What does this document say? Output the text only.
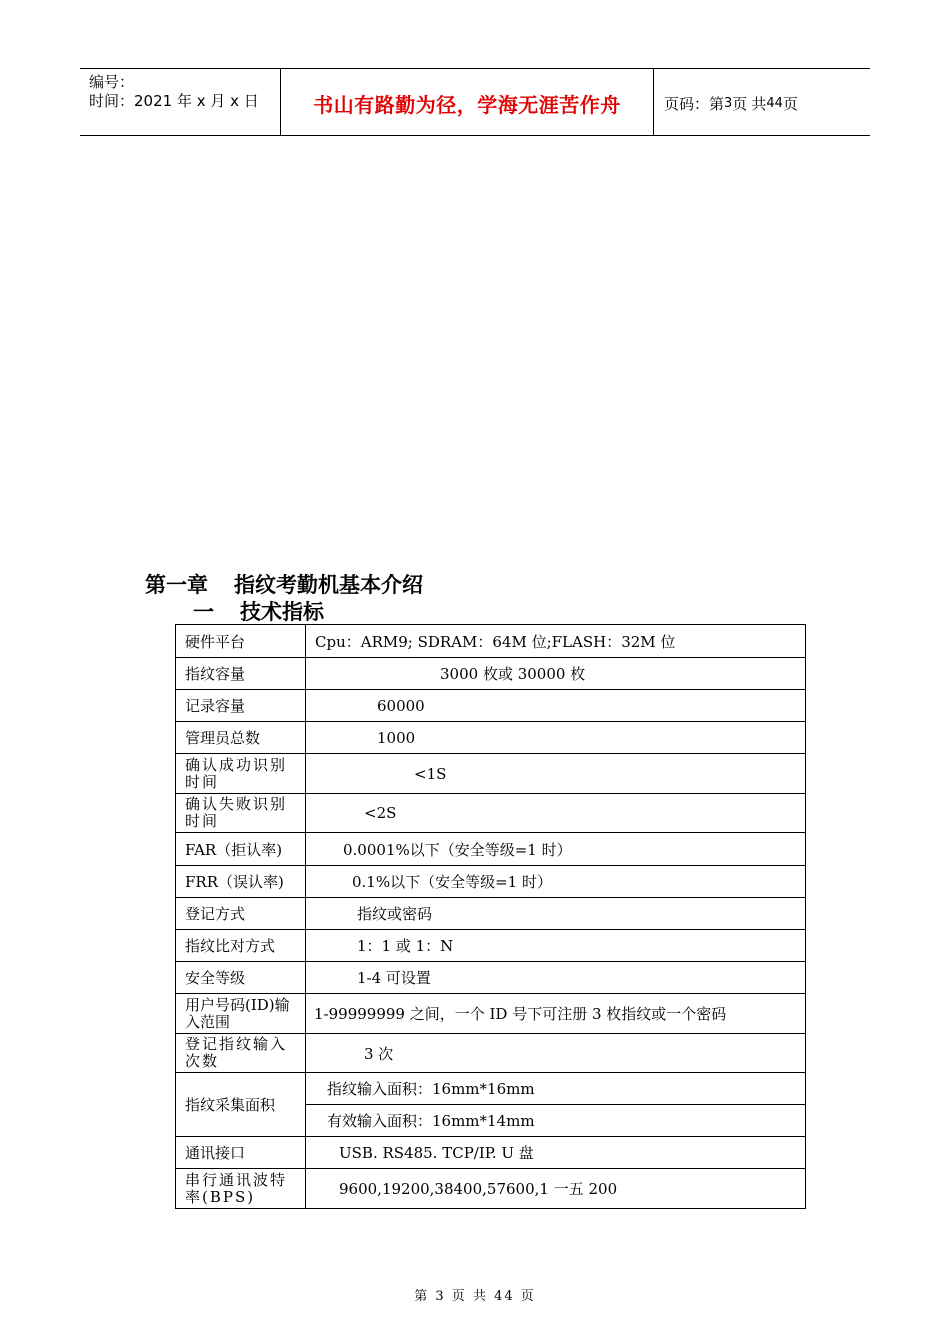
编号：
时间：2021 年 x 月 x 日	书山有路勤为径，学海无涯苦作舟	页码：第 3 页 共 44 页
第一章 指纹考勤机基本介绍
一 技术指标
硬件平台	Cpu：ARM9; SDRAM：64M 位;FLASH：32M 位
指纹容量	3000 枚或 30000 枚
记录容量	60000
管理员总数	1000
确认成功识别时间	<1S
确认失败识别时间	<2S
FAR（拒认率)	0.0001%以下（安全等级=1 时）
FRR（误认率)	0.1%以下（安全等级=1 时）
登记方式	指纹或密码
指纹比对方式	1：1 或 1：N
安全等级	1-4 可设置
用户号码(ID)输入范围	1-99999999 之间，一个 ID 号下可注册 3 枚指纹或一个密码
登记指纹输入次数	3 次
指纹采集面积	指纹输入面积：16mm*16mm
	有效输入面积：16mm*14mm
通讯接口	USB. RS485. TCP/IP. U 盘
串行通讯波特率(BPS)	9600,19200,38400,57600,1 一五 200
第 3 页 共 44 页
